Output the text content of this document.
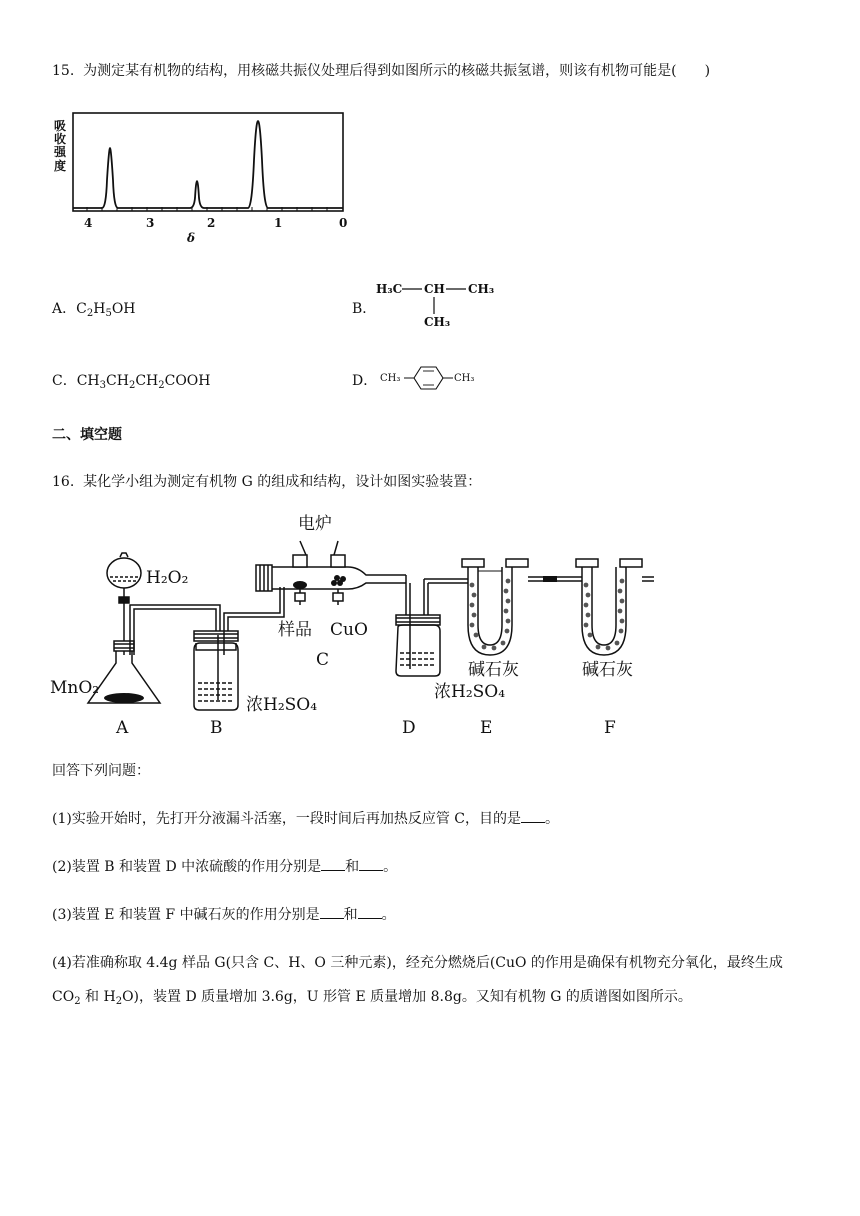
15. 为测定某有机物的结构，用核磁共振仪处理后得到如图所示的核磁共振氢谱，则该有机物可能是(　　)
吸
收
强
度
4	3	2	1	0
δ
A．$C_2H_5OH$	B．
H₃C CH CH₃
CH₃
C．$CH_3CH_2CH_2COOH$	D． CH₃	CH₃
二、填空题
16. 某化学小组为测定有机物 G 的组成和结构，设计如图实验装置：
电炉
H₂O₂
MnO₂
样品 CuO
浓H₂SO₄
浓H₂SO₄
碱石灰	碱石灰
A	B
C
D	E	F
回答下列问题：
(1)实验开始时，先打开分液漏斗活塞，一段时间后再加热反应管 C，目的是 。
(2)装置 B 和装置 D 中浓硫酸的作用分别是 和 。
(3)装置 E 和装置 F 中碱石灰的作用分别是 和 。
(4)若准确称取 4.4g 样品 G(只含 C、H、O 三种元素)，经充分燃烧后(CuO 的作用是确保有机物充分氧化，最终生成
$CO_2$ 和 $H_2O$)，装置 D 质量增加 3.6g，U 形管 E 质量增加 8.8g。又知有机物 G 的质谱图如图所示。
